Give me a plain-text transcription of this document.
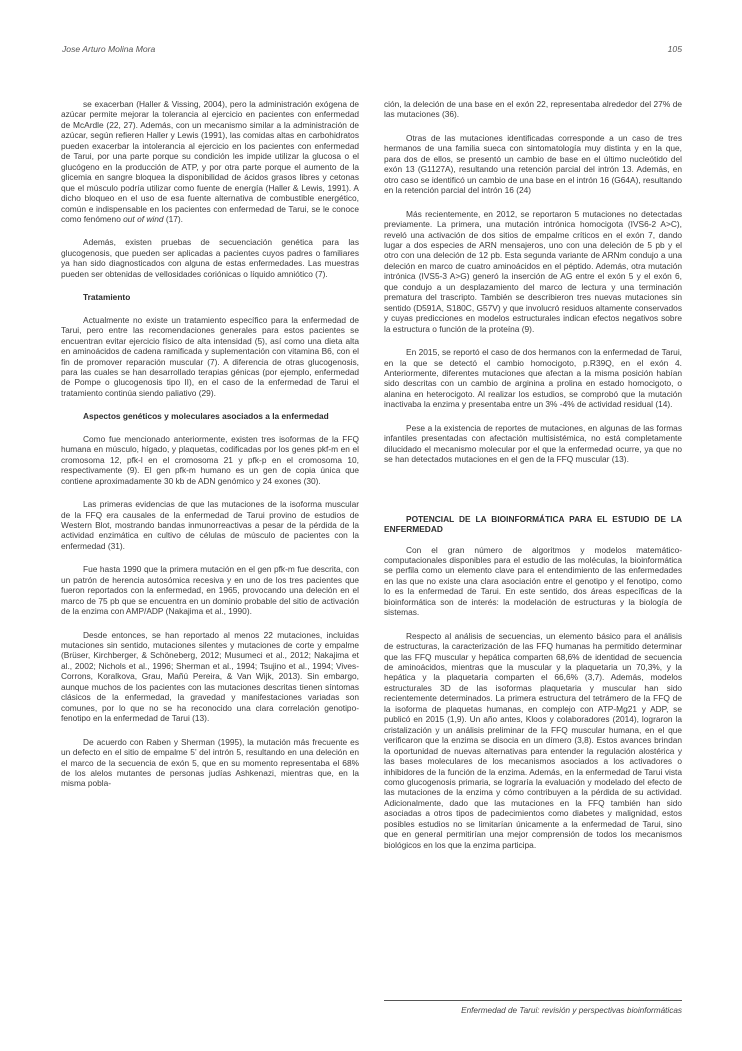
Jose Arturo Molina Mora	105

se exacerban (Haller & Vissing, 2004), pero la administración exógena de azúcar permite mejorar la tolerancia al ejercicio en pacientes con enfermedad de McArdle (22, 27). Además, con un mecanismo similar a la administración de azúcar, según refieren Haller y Lewis (1991), las comidas altas en carbohidratos pueden exacerbar la intolerancia al ejercicio en los pacientes con enfermedad de Tarui, por una parte porque su condición les impide utilizar la glucosa o el glucógeno en la producción de ATP, y por otra parte porque el aumento de la glicemia en sangre bloquea la disponibilidad de ácidos grasos libres y cetonas que el músculo podría utilizar como fuente de energía (Haller & Lewis, 1991). A dicho bloqueo en el uso de esa fuente alternativa de combustible energético, común e indispensable en los pacientes con enfermedad de Tarui, se le conoce como fenómeno out of wind (17).

Además, existen pruebas de secuenciación genética para las glucogenosis, que pueden ser aplicadas a pacientes cuyos padres o familiares ya han sido diagnosticados con alguna de estas enfermedades. Las muestras pueden ser obtenidas de vellosidades coriónicas o líquido amniótico (7).

Tratamiento

Actualmente no existe un tratamiento específico para la enfermedad de Tarui, pero entre las recomendaciones generales para estos pacientes se encuentran evitar ejercicio físico de alta intensidad (5), así como una dieta alta en aminoácidos de cadena ramificada y suplementación con vitamina B6, con el fin de promover reparación muscular (7). A diferencia de otras glucogenosis, para las cuales se han desarrollado terapias génicas (por ejemplo, enfermedad de Pompe o glucogenosis tipo II), en el caso de la enfermedad de Tarui el tratamiento continúa siendo paliativo (29).

Aspectos genéticos y moleculares asociados a la enfermedad

Como fue mencionado anteriormente, existen tres isoformas de la FFQ humana en músculo, hígado, y plaquetas, codificadas por los genes pkf-m en el cromosoma 12, pfk-l en el cromosoma 21 y pfk-p en el cromosoma 10, respectivamente (9). El gen pfk-m humano es un gen de copia única que contiene aproximadamente 30 kb de ADN genómico y 24 exones (30).

Las primeras evidencias de que las mutaciones de la isoforma muscular de la FFQ era causales de la enfermedad de Tarui provino de estudios de Western Blot, mostrando bandas inmunorreactivas a pesar de la pérdida de la actividad enzimática en cultivo de células de músculo de pacientes con la enfermedad (31).

Fue hasta 1990 que la primera mutación en el gen pfk-m fue descrita, con un patrón de herencia autosómica recesiva y en uno de los tres pacientes que fueron reportados con la enfermedad, en 1965, provocando una deleción en el marco de 75 pb que se encuentra en un dominio probable del sitio de activación de la enzima con AMP/ADP (Nakajima et al., 1990).

Desde entonces, se han reportado al menos 22 mutaciones, incluidas mutaciones sin sentido, mutaciones silentes y mutaciones de corte y empalme (Brüser, Kirchberger, & Schöneberg, 2012; Musumeci et al., 2012; Nakajima et al., 2002; Nichols et al., 1996; Sherman et al., 1994; Tsujino et al., 1994; Vives-Corrons, Koralkova, Grau, Mañú Pereira, & Van Wijk, 2013). Sin embargo, aunque muchos de los pacientes con las mutaciones descritas tienen síntomas clásicos de la enfermedad, la gravedad y manifestaciones variadas son comunes, por lo que no se ha reconocido una clara correlación genotipo-fenotipo en la enfermedad de Tarui (13).

De acuerdo con Raben y Sherman (1995), la mutación más frecuente es un defecto en el sitio de empalme 5’ del intrón 5, resultando en una deleción en el marco de la secuencia de exón 5, que en su momento representaba el 68% de los alelos mutantes de personas judías Ashkenazi, mientras que, en la misma pobla-

ción, la deleción de una base en el exón 22, representaba alrededor del 27% de las mutaciones (36).

Otras de las mutaciones identificadas corresponde a un caso de tres hermanos de una familia sueca con sintomatología muy distinta y en la que, para dos de ellos, se presentó un cambio de base en el último nucleótido del exón 13 (G1127A), resultando una retención parcial del intrón 13. Además, en otro caso se identificó un cambio de una base en el intrón 16 (G64A), resultando en la retención parcial del intrón 16 (24)

Más recientemente, en 2012, se reportaron 5 mutaciones no detectadas previamente. La primera, una mutación intrónica homocigota (IVS6-2 A>C), reveló una activación de dos sitios de empalme críticos en el exón 7, dando lugar a dos especies de ARN mensajeros, uno con una deleción de 5 pb y el otro con una deleción de 12 pb. Esta segunda variante de ARNm condujo a una deleción en marco de cuatro aminoácidos en el péptido. Además, otra mutación intrónica (IVS5-3 A>G) generó la inserción de AG entre el exón 5 y el exón 6, que condujo a un desplazamiento del marco de lectura y una terminación prematura del trascripto. También se describieron tres nuevas mutaciones sin sentido (D591A, S180C, G57V) y que involucró residuos altamente conservados y cuyas predicciones en modelos estructurales indican efectos negativos sobre la estructura o función de la proteína (9).

En 2015, se reportó el caso de dos hermanos con la enfermedad de Tarui, en la que se detectó el cambio homocigoto, p.R39Q, en el exón 4. Anteriormente, diferentes mutaciones que afectan a la misma posición habían sido descritas con un cambio de arginina a prolina en estado homocigoto, o alanina en heterocigoto. Al realizar los estudios, se comprobó que la mutación inactivaba la enzima y presentaba entre un 3% -4% de actividad residual (14).

Pese a la existencia de reportes de mutaciones, en algunas de las formas infantiles presentadas con afectación multisistémica, no está completamente dilucidado el mecanismo molecular por el que la enfermedad ocurre, ya que no se han detectados mutaciones en el gen de la FFQ muscular (13).

POTENCIAL DE LA BIOINFORMÁTICA PARA EL ESTUDIO DE LA ENFERMEDAD

Con el gran número de algoritmos y modelos matemático-computacionales disponibles para el estudio de las moléculas, la bioinformática se perfila como un elemento clave para el entendimiento de las enfermedades en las que no existe una clara asociación entre el genotipo y el fenotipo, como lo es la enfermedad de Tarui. En este sentido, dos áreas específicas de la bioinformática son de interés: la modelación de estructuras y la biología de sistemas.

Respecto al análisis de secuencias, un elemento básico para el análisis de estructuras, la caracterización de las FFQ humanas ha permitido determinar que las FFQ muscular y hepática comparten 68,6% de identidad de secuencia de aminoácidos, mientras que la muscular y la plaquetaria un 70,3%, y la hepática y la plaquetaria comparten el 66,6% (3,7). Además, modelos estructurales 3D de las isoformas plaquetaria y muscular han sido recientemente determinados. La primera estructura del tetrámero de la FFQ de la isoforma de plaquetas humanas, en complejo con ATP-Mg21 y ADP, se publicó en 2015 (1,9). Un año antes, Kloos y colaboradores (2014), lograron la cristalización y un análisis preliminar de la FFQ muscular humana, en el que verificaron que la enzima se disocia en un dímero (3,8). Estos avances brindan la oportunidad de nuevas alternativas para entender la regulación alostérica y las bases moleculares de los mecanismos asociados a los activadores o inhibidores de la función de la enzima. Además, en la enfermedad de Tarui vista como glucogenosis primaria, se lograría la evaluación y modelado del efecto de las mutaciones de la enzima y cómo contribuyen a la pérdida de su actividad. Adicionalmente, dado que las mutaciones en la FFQ también han sido asociadas a otros tipos de padecimientos como diabetes y malignidad, estos posibles estudios no se limitarían únicamente a la enfermedad de Tarui, sino que en general permitirían una mejor comprensión de todos los mecanismos biológicos en los que la enzima participa.

Enfermedad de Tarui: revisión y perspectivas bioinformáticas
